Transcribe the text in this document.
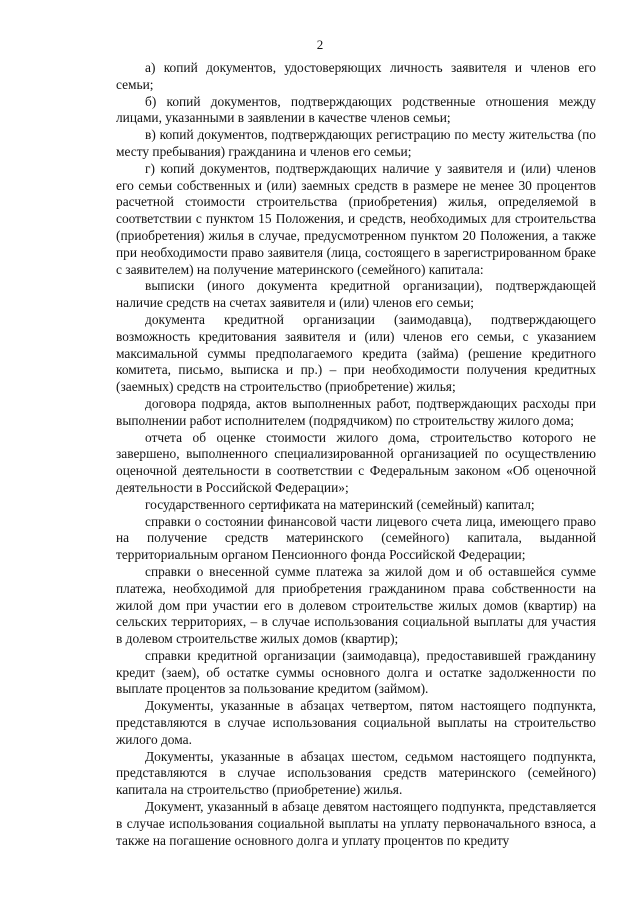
2

а) копий документов, удостоверяющих личность заявителя и членов его семьи;

б) копий документов, подтверждающих родственные отношения между лицами, указанными в заявлении в качестве членов семьи;

в) копий документов, подтверждающих регистрацию по месту жительства (по месту пребывания) гражданина и членов его семьи;

г) копий документов, подтверждающих наличие у заявителя и (или) членов его семьи собственных и (или) заемных средств в размере не менее 30 процентов расчетной стоимости строительства (приобретения) жилья, определяемой в соответствии с пунктом 15 Положения, и средств, необходимых для строительства (приобретения) жилья в случае, предусмотренном пунктом 20 Положения, а также при необходимости право заявителя (лица, состоящего в зарегистрированном браке с заявителем) на получение материнского (семейного) капитала:

выписки (иного документа кредитной организации), подтверждающей наличие средств на счетах заявителя и (или) членов его семьи;

документа кредитной организации (заимодавца), подтверждающего возможность кредитования заявителя и (или) членов его семьи, с указанием максимальной суммы предполагаемого кредита (займа) (решение кредитного комитета, письмо, выписка и пр.) – при необходимости получения кредитных (заемных) средств на строительство (приобретение) жилья;

договора подряда, актов выполненных работ, подтверждающих расходы при выполнении работ исполнителем (подрядчиком) по строительству жилого дома;

отчета об оценке стоимости жилого дома, строительство которого не завершено, выполненного специализированной организацией по осуществлению оценочной деятельности в соответствии с Федеральным законом «Об оценочной деятельности в Российской Федерации»;

государственного сертификата на материнский (семейный) капитал;

справки о состоянии финансовой части лицевого счета лица, имеющего право на получение средств материнского (семейного) капитала, выданной территориальным органом Пенсионного фонда Российской Федерации;

справки о внесенной сумме платежа за жилой дом и об оставшейся сумме платежа, необходимой для приобретения гражданином права собственности на жилой дом при участии его в долевом строительстве жилых домов (квартир) на сельских территориях, – в случае использования социальной выплаты для участия в долевом строительстве жилых домов (квартир);

справки кредитной организации (заимодавца), предоставившей гражданину кредит (заем), об остатке суммы основного долга и остатке задолженности по выплате процентов за пользование кредитом (займом).

Документы, указанные в абзацах четвертом, пятом настоящего подпункта, представляются в случае использования социальной выплаты на строительство жилого дома.

Документы, указанные в абзацах шестом, седьмом настоящего подпункта, представляются в случае использования средств материнского (семейного) капитала на строительство (приобретение) жилья.

Документ, указанный в абзаце девятом настоящего подпункта, представляется в случае использования социальной выплаты на уплату первоначального взноса, а также на погашение основного долга и уплату процентов по кредиту
